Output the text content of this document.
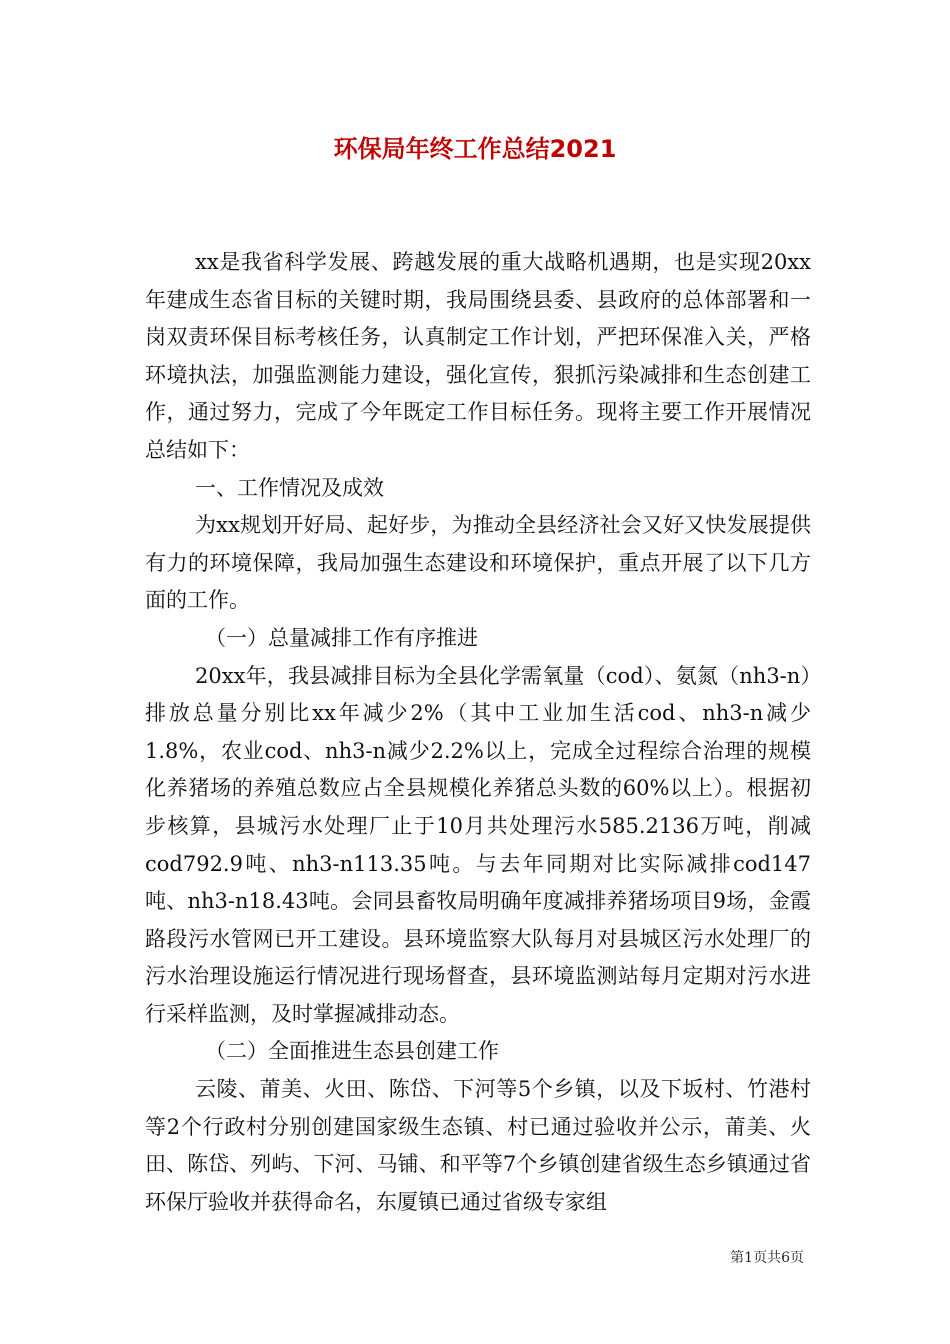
环保局年终工作总结2021

xx是我省科学发展、跨越发展的重大战略机遇期，也是实现20xx年建成生态省目标的关键时期，我局围绕县委、县政府的总体部署和一岗双责环保目标考核任务，认真制定工作计划，严把环保准入关，严格环境执法，加强监测能力建设，强化宣传，狠抓污染减排和生态创建工作，通过努力，完成了今年既定工作目标任务。现将主要工作开展情况总结如下：

一、工作情况及成效

为xx规划开好局、起好步，为推动全县经济社会又好又快发展提供有力的环境保障，我局加强生态建设和环境保护，重点开展了以下几方面的工作。

（一）总量减排工作有序推进

20xx年，我县减排目标为全县化学需氧量（cod）、氨氮（nh3-n）排放总量分别比xx年减少2%（其中工业加生活cod、nh3-n减少1.8%，农业cod、nh3-n减少2.2%以上，完成全过程综合治理的规模化养猪场的养殖总数应占全县规模化养猪总头数的60%以上）。根据初步核算，县城污水处理厂止于10月共处理污水585.2136万吨，削减cod792.9吨、nh3-n113.35吨。与去年同期对比实际减排cod147吨、nh3-n18.43吨。会同县畜牧局明确年度减排养猪场项目9场，金霞路段污水管网已开工建设。县环境监察大队每月对县城区污水处理厂的污水治理设施运行情况进行现场督查，县环境监测站每月定期对污水进行采样监测，及时掌握减排动态。

（二）全面推进生态县创建工作

云陵、莆美、火田、陈岱、下河等5个乡镇，以及下坂村、竹港村等2个行政村分别创建国家级生态镇、村已通过验收并公示，莆美、火田、陈岱、列屿、下河、马铺、和平等7个乡镇创建省级生态乡镇通过省环保厅验收并获得命名，东厦镇已通过省级专家组

第1页共6页
